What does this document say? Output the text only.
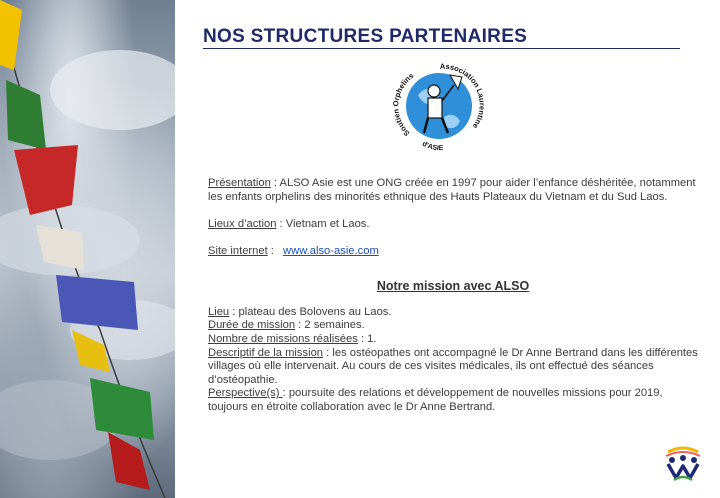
NOS STRUCTURES PARTENAIRES
Soutien Orphelins
Association Laurentine
d'ASIE

Présentation : ALSO Asie est une ONG créée en 1997 pour aider l’enfance déshéritée, notamment les enfants orphelins des minorités ethnique des Hauts Plateaux du Vietnam et du Sud Laos.

Lieux d’action : Vietnam et Laos.

Site internet : www.also-asie.com

Notre mission avec ALSO

Lieu : plateau des Bolovens au Laos.

Durée de mission : 2 semaines.

Nombre de missions réalisées : 1.

Descriptif de la mission : les ostéopathes ont accompagné le Dr Anne Bertrand dans les différentes villages où elle intervenait. Au cours de ces visites médicales, ils ont effectué des séances d’ostéopathie.

Perspective(s) : poursuite des relations et développement de nouvelles missions pour 2019, toujours en étroite collaboration avec le Dr Anne Bertrand.
